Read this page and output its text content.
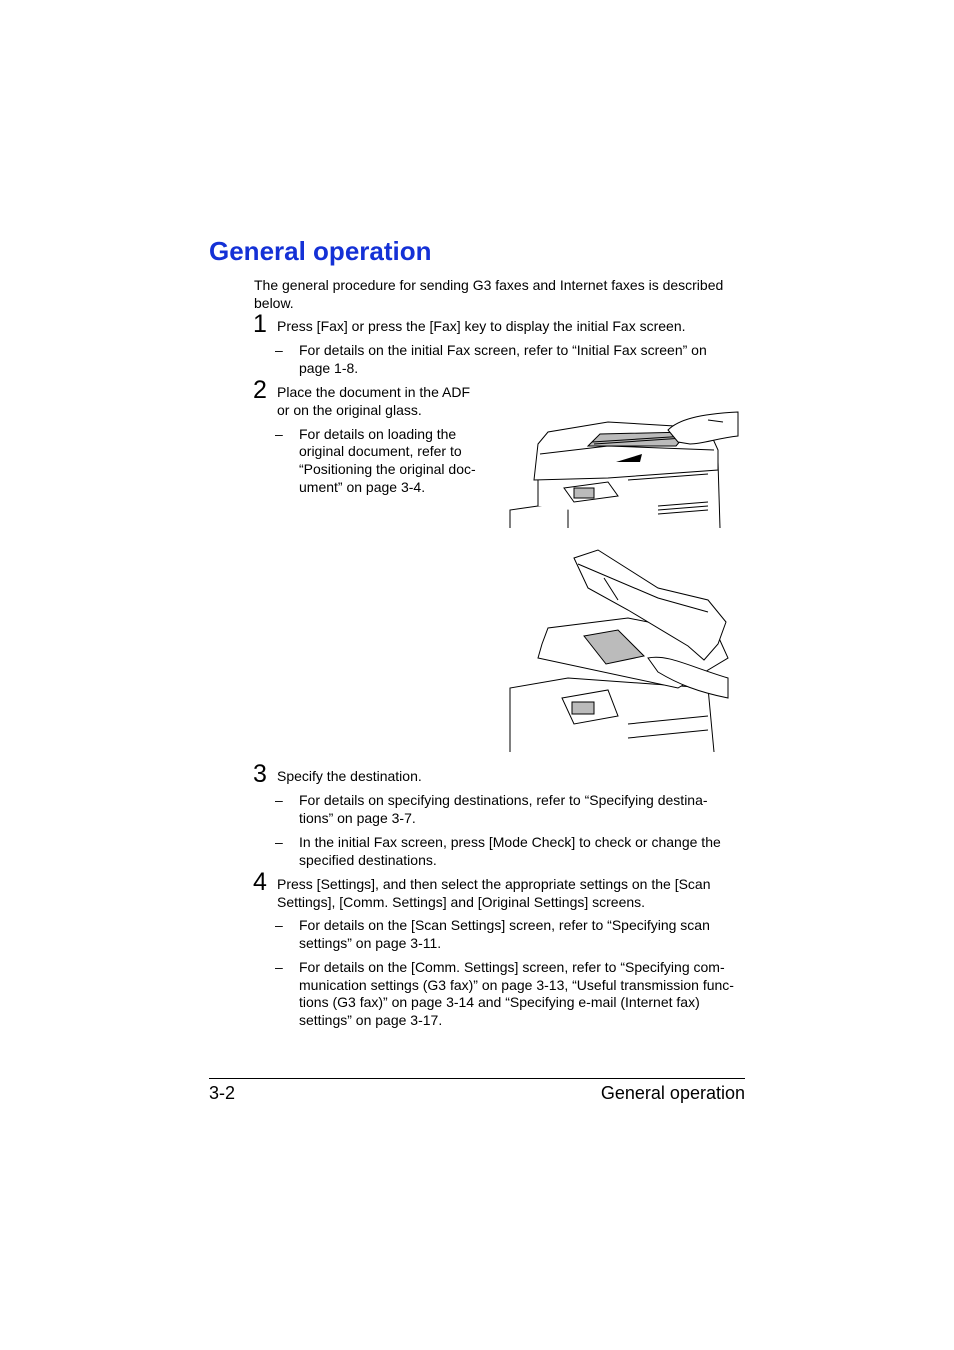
General operation
The general procedure for sending G3 faxes and Internet faxes is described below.
1 Press [Fax] or press the [Fax] key to display the initial Fax screen.
– For details on the initial Fax screen, refer to “Initial Fax screen” on page 1-8.
2 Place the document in the ADF
or on the original glass.
– For details on loading the
original document, refer to
“Positioning the original doc-
ument” on page 3-4.
3 Specify the destination.
– For details on specifying destinations, refer to “Specifying destina-
tions” on page 3-7.
– In the initial Fax screen, press [Mode Check] to check or change the
specified destinations.
4 Press [Settings], and then select the appropriate settings on the [Scan
Settings], [Comm. Settings] and [Original Settings] screens.
– For details on the [Scan Settings] screen, refer to “Specifying scan
settings” on page 3-11.
– For details on the [Comm. Settings] screen, refer to “Specifying com-
munication settings (G3 fax)” on page 3-13, “Useful transmission func-
tions (G3 fax)” on page 3-14 and “Specifying e-mail (Internet fax)
settings” on page 3-17.
3-2	General operation
